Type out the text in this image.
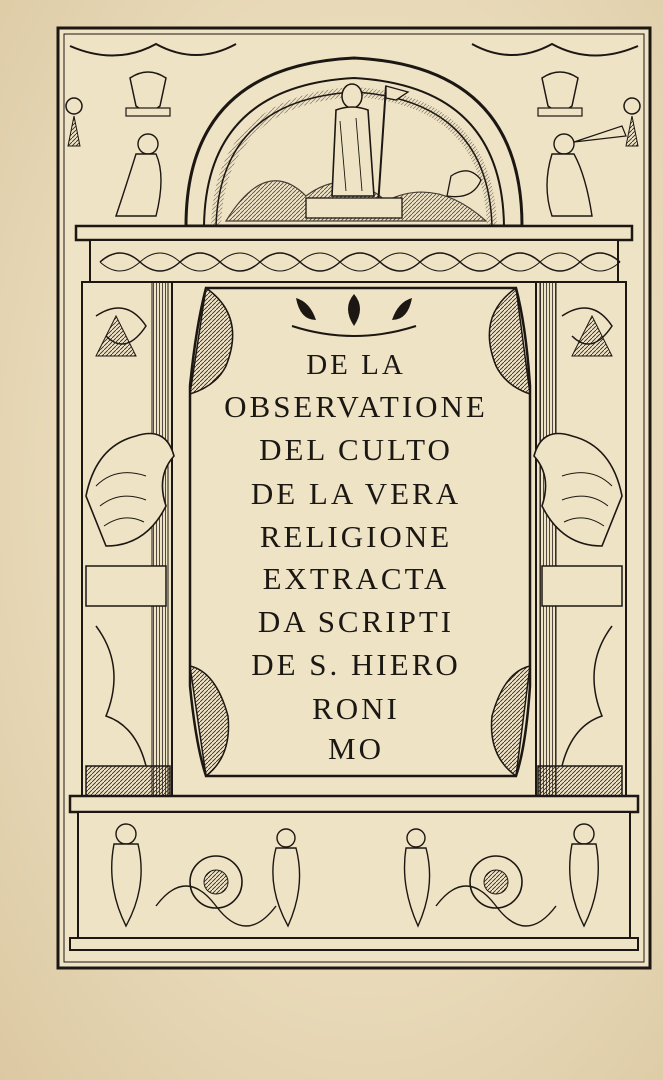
DE LA
OBSERVATIONE
DEL CULTO
DE LA VERA
RELIGIONE
EXTRACTA
DA SCRIPTI
DE S. HIERO
RONI
MO
